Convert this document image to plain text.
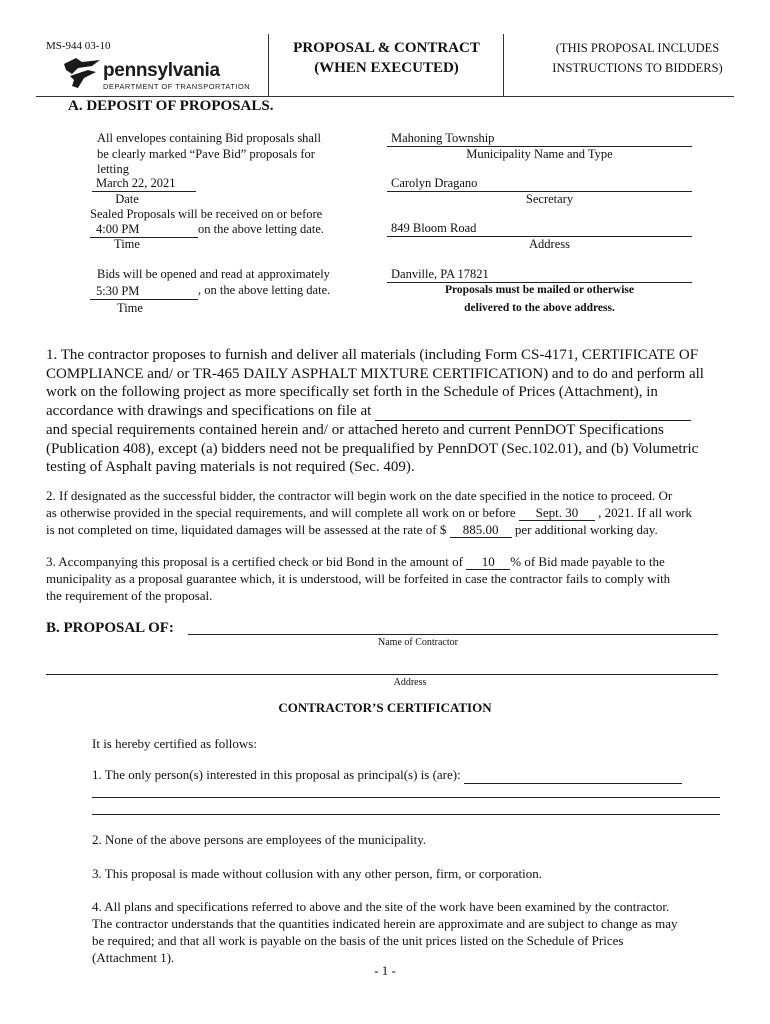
MS-944 03-10
pennsylvania
DEPARTMENT OF TRANSPORTATION
PROPOSAL & CONTRACT
(WHEN EXECUTED)
(THIS PROPOSAL INCLUDES
INSTRUCTIONS TO BIDDERS)
A. DEPOSIT OF PROPOSALS.
All envelopes containing Bid proposals shall
be clearly marked “Pave Bid” proposals for
letting
March 22, 2021
Date
Sealed Proposals will be received on or before
4:00 PM	on the above letting date.
Time
Bids will be opened and read at approximately
5:30 PM	, on the above letting date.
Time
Mahoning Township
Municipality Name and Type
Carolyn Dragano
Secretary
849 Bloom Road
Address
Danville, PA 17821
Proposals must be mailed or otherwise
delivered to the above address.
1. The contractor proposes to furnish and deliver all materials (including Form CS-4171, CERTIFICATE OF
COMPLIANCE and/ or TR-465 DAILY ASPHALT MIXTURE CERTIFICATION) and to do and perform all
work on the following project as more specifically set forth in the Schedule of Prices (Attachment), in
accordance with drawings and specifications on file at
and special requirements contained herein and/ or attached hereto and current PennDOT Specifications
(Publication 408), except (a) bidders need not be prequalified by PennDOT (Sec.102.01), and (b) Volumetric
testing of Asphalt paving materials is not required (Sec. 409).
2. If designated as the successful bidder, the contractor will begin work on the date specified in the notice to proceed. Or
as otherwise provided in the special requirements, and will complete all work on or before Sept. 30 , 2021. If all work
is not completed on time, liquidated damages will be assessed at the rate of $ 885.00 per additional working day.
3. Accompanying this proposal is a certified check or bid Bond in the amount of 10 % of Bid made payable to the
municipality as a proposal guarantee which, it is understood, will be forfeited in case the contractor fails to comply with
the requirement of the proposal.
B. PROPOSAL OF:
Name of Contractor
Address
CONTRACTOR’S CERTIFICATION
It is hereby certified as follows:
1. The only person(s) interested in this proposal as principal(s) is (are):
2. None of the above persons are employees of the municipality.
3. This proposal is made without collusion with any other person, firm, or corporation.
4. All plans and specifications referred to above and the site of the work have been examined by the contractor.
The contractor understands that the quantities indicated herein are approximate and are subject to change as may
be required; and that all work is payable on the basis of the unit prices listed on the Schedule of Prices
(Attachment 1).
- 1 -
